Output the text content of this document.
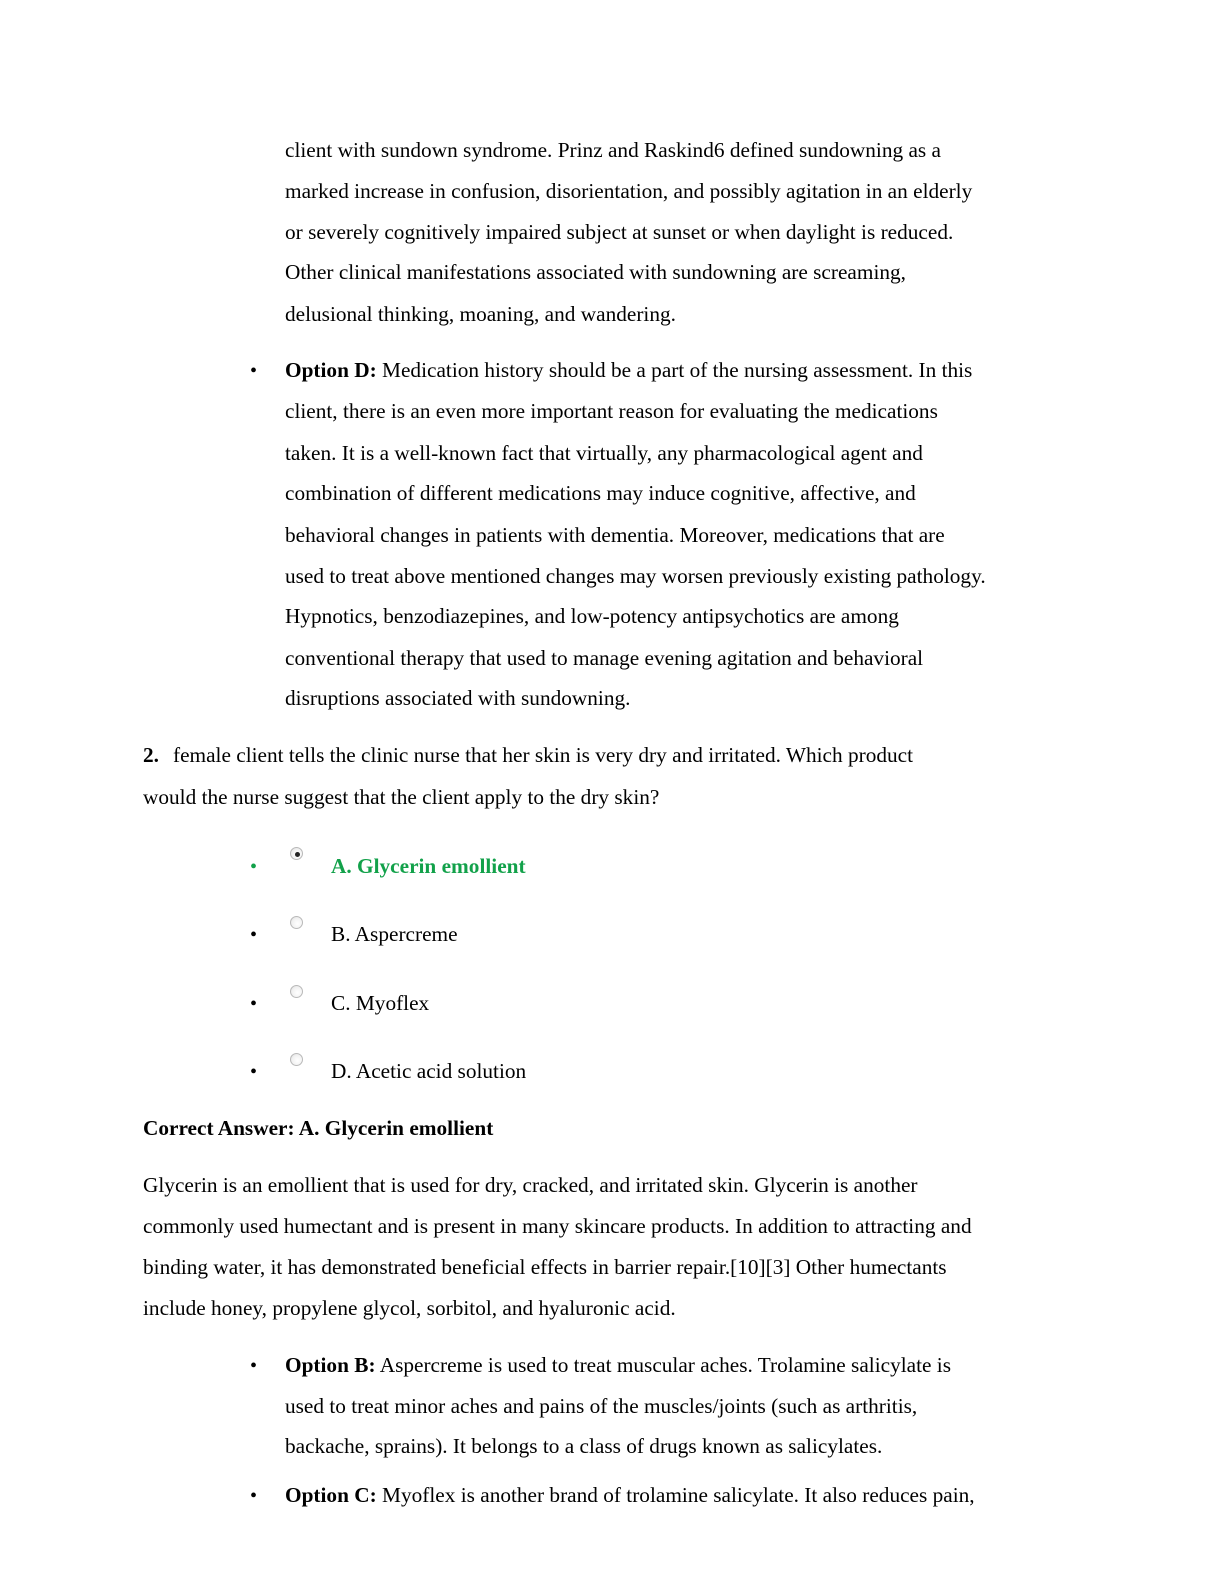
client with sundown syndrome. Prinz and Raskind6 defined sundowning as a
marked increase in confusion, disorientation, and possibly agitation in an elderly
or severely cognitively impaired subject at sunset or when daylight is reduced.
Other clinical manifestations associated with sundowning are screaming,
delusional thinking, moaning, and wandering.
• Option D: Medication history should be a part of the nursing assessment. In this
client, there is an even more important reason for evaluating the medications
taken. It is a well-known fact that virtually, any pharmacological agent and
combination of different medications may induce cognitive, affective, and
behavioral changes in patients with dementia. Moreover, medications that are
used to treat above mentioned changes may worsen previously existing pathology.
Hypnotics, benzodiazepines, and low-potency antipsychotics are among
conventional therapy that used to manage evening agitation and behavioral
disruptions associated with sundowning.
2. female client tells the clinic nurse that her skin is very dry and irritated. Which product
would the nurse suggest that the client apply to the dry skin?
•	A. Glycerin emollient
•	B. Aspercreme
•	C. Myoflex
•	D. Acetic acid solution
Correct Answer: A. Glycerin emollient
Glycerin is an emollient that is used for dry, cracked, and irritated skin. Glycerin is another
commonly used humectant and is present in many skincare products. In addition to attracting and
binding water, it has demonstrated beneficial effects in barrier repair.[10][3] Other humectants
include honey, propylene glycol, sorbitol, and hyaluronic acid.
• Option B: Aspercreme is used to treat muscular aches. Trolamine salicylate is
used to treat minor aches and pains of the muscles/joints (such as arthritis,
backache, sprains). It belongs to a class of drugs known as salicylates.
• Option C: Myoflex is another brand of trolamine salicylate. It also reduces pain,
